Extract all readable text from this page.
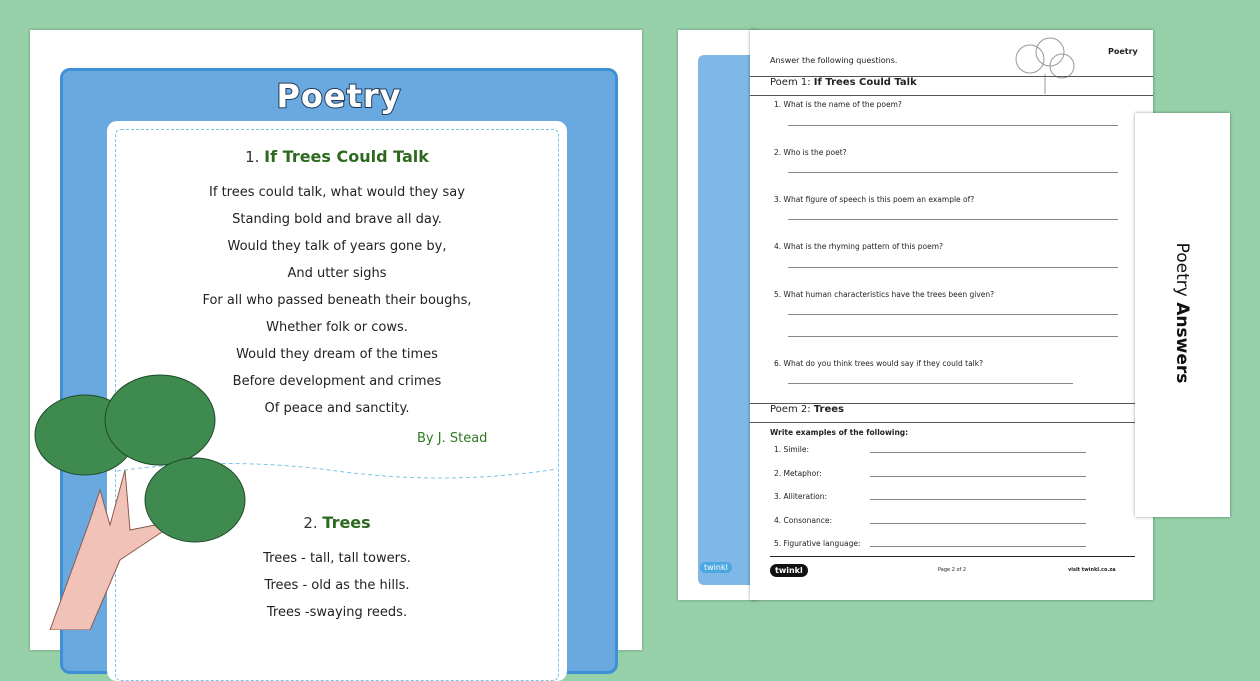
Poetry
1. If Trees Could Talk
If trees could talk, what would they say
Standing bold and brave all day.
Would they talk of years gone by,
And utter sighs
For all who passed beneath their boughs,
Whether folk or cows.
Would they dream of the times
Before development and crimes
Of peace and sanctity.
By J. Stead
2. Trees
Trees - tall, tall towers.
Trees - old as the hills.
Trees -swaying reeds.
twinkl
Answer the following questions.
Poetry
Poem 1: If Trees Could Talk
1. What is the name of the poem?
2. Who is the poet?
3. What figure of speech is this poem an example of?
4. What is the rhyming pattern of this poem?
5. What human characteristics have the trees been given?
6. What do you think trees would say if they could talk?
Poem 2: Trees
Write examples of the following:
1. Simile:
2. Metaphor:
3. Alliteration:
4. Consonance:
5. Figurative language:
twinkl	Page 2 of 2	visit twinkl.co.za
Poetry Answers
